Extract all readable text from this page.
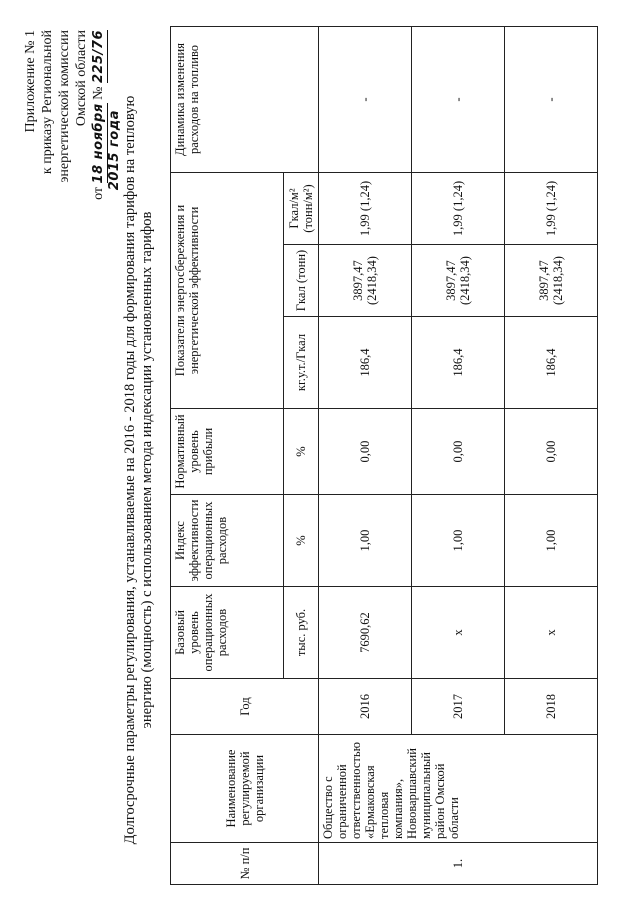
Приложение № 1 к приказу Региональной энергетической комиссии Омской области
от 18 ноября № 225/76
2015 года Долгосрочные параметры регулирования, устанавливаемые на 2016 - 2018 годы для формирования тарифов на тепловую энергию (мощность) с использованием метода индексации установленных тарифов
№ п/п	Наименование регулируемой организации	Год	Базовый уровень операционных расходов	Индекс эффективности операционных расходов	Нормативный уровень прибыли	Показатели энергосбережения и энергетической эффективности			Динамика изменения расходов на топливо
			тыс. руб.	%	%	кг.у.т./Гкал	Гкал (тонн)	Гкал/м² (тонн/м²)	
1.	Общество с ограниченной ответственностью «Ермаковская тепловая компания», Нововаршавский муниципальный район Омской области	2016	7690,62	1,00	0,00	186,4	3897,47 (2418,34)	1,99 (1,24)	-
		2017	х	1,00	0,00	186,4	3897,47 (2418,34)	1,99 (1,24)	-
		2018	х	1,00	0,00	186,4	3897,47 (2418,34)	1,99 (1,24)	-
